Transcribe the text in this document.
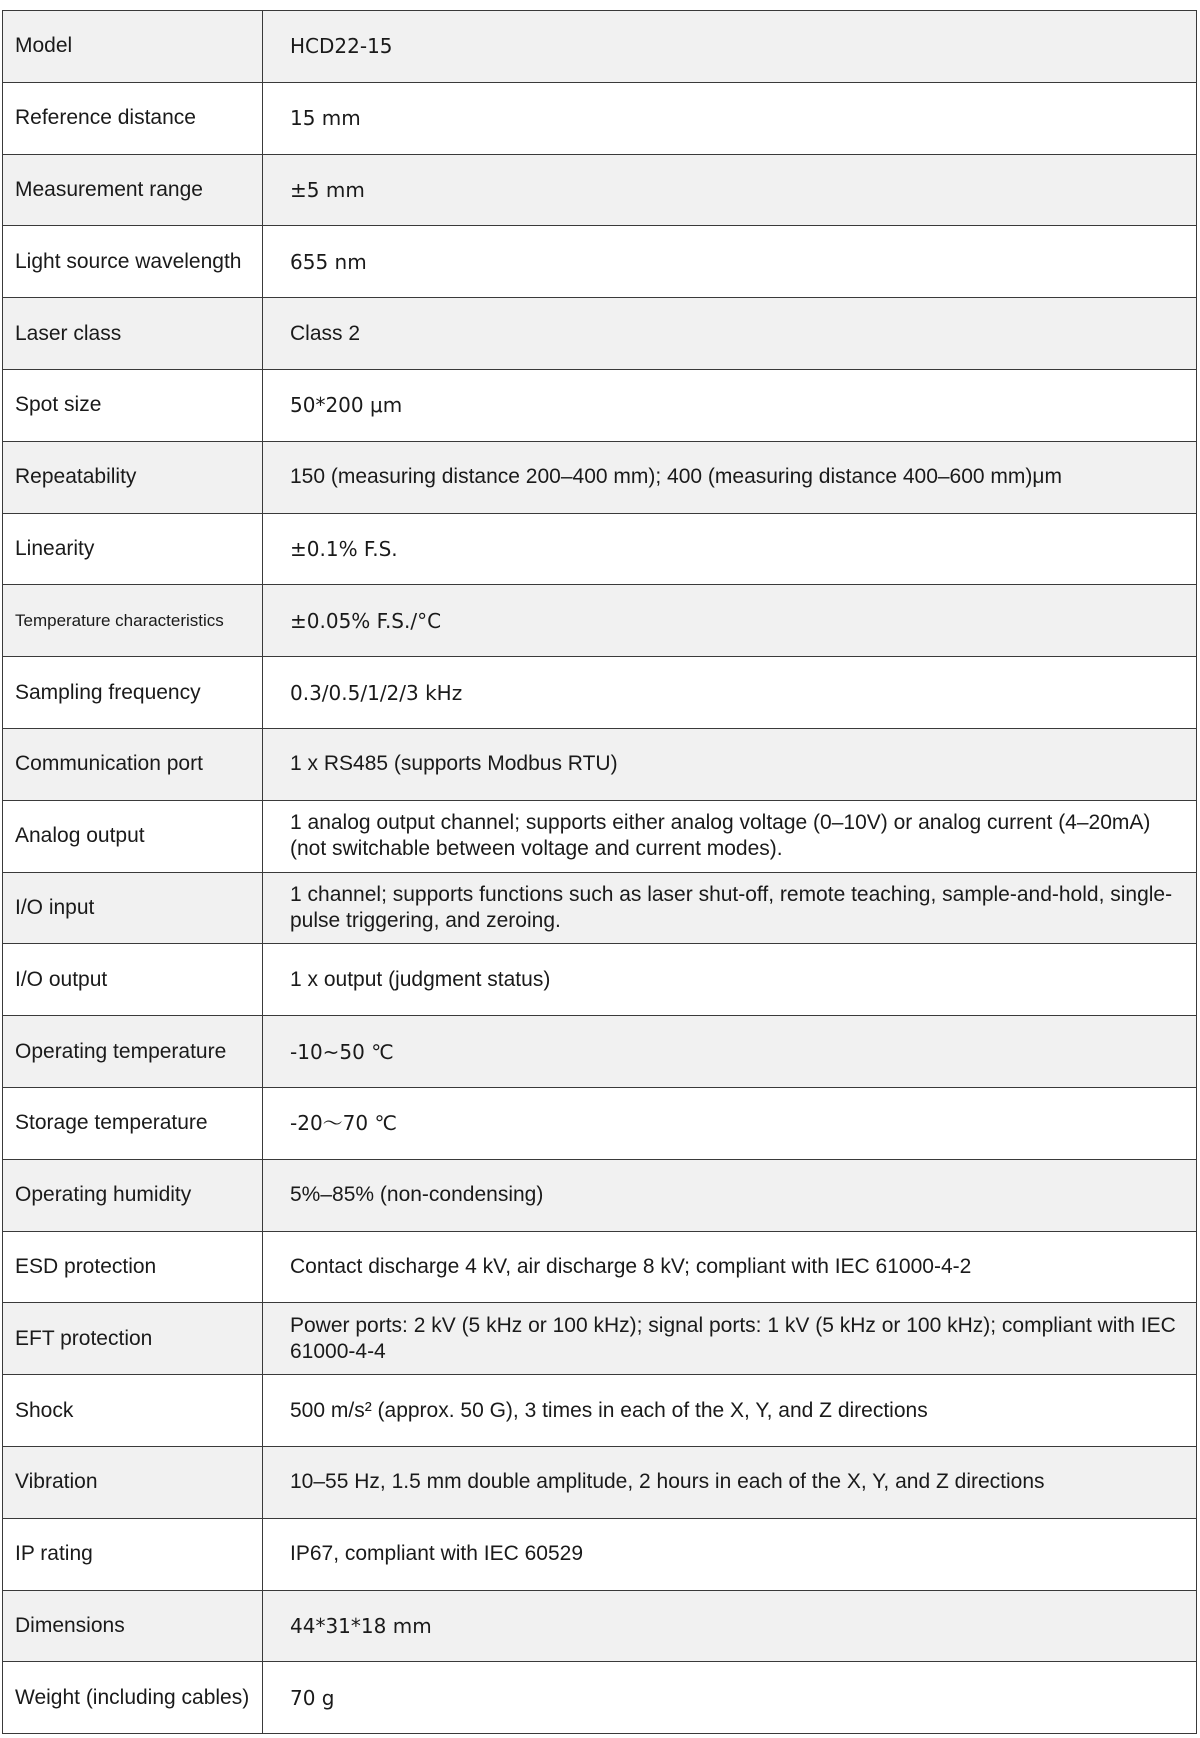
Model	HCD22-15
Reference distance	15 mm
Measurement range	±5 mm
Light source wavelength	655 nm
Laser class	Class 2
Spot size	50*200 μm
Repeatability	150 (measuring distance 200–400 mm); 400 (measuring distance 400–600 mm)μm
Linearity	±0.1% F.S.
Temperature characteristics	±0.05% F.S./°C
Sampling frequency	0.3/0.5/1/2/3 kHz
Communication port	1 x RS485 (supports Modbus RTU)
Analog output	1 analog output channel; supports either analog voltage (0–10V) or analog current (4–20mA) (not switchable between voltage and current modes).
I/O input	1 channel; supports functions such as laser shut-off, remote teaching, sample-and-hold, single-pulse triggering, and zeroing.
I/O output	1 x output (judgment status)
Operating temperature	-10~50 ℃
Storage temperature	-20～70 ℃
Operating humidity	5%–85% (non-condensing)
ESD protection	Contact discharge 4 kV, air discharge 8 kV; compliant with IEC 61000-4-2
EFT protection	Power ports: 2 kV (5 kHz or 100 kHz); signal ports: 1 kV (5 kHz or 100 kHz); compliant with IEC 61000-4-4
Shock	500 m/s² (approx. 50 G), 3 times in each of the X, Y, and Z directions
Vibration	10–55 Hz, 1.5 mm double amplitude, 2 hours in each of the X, Y, and Z directions
IP rating	IP67, compliant with IEC 60529
Dimensions	44*31*18 mm
Weight (including cables)	70 g
